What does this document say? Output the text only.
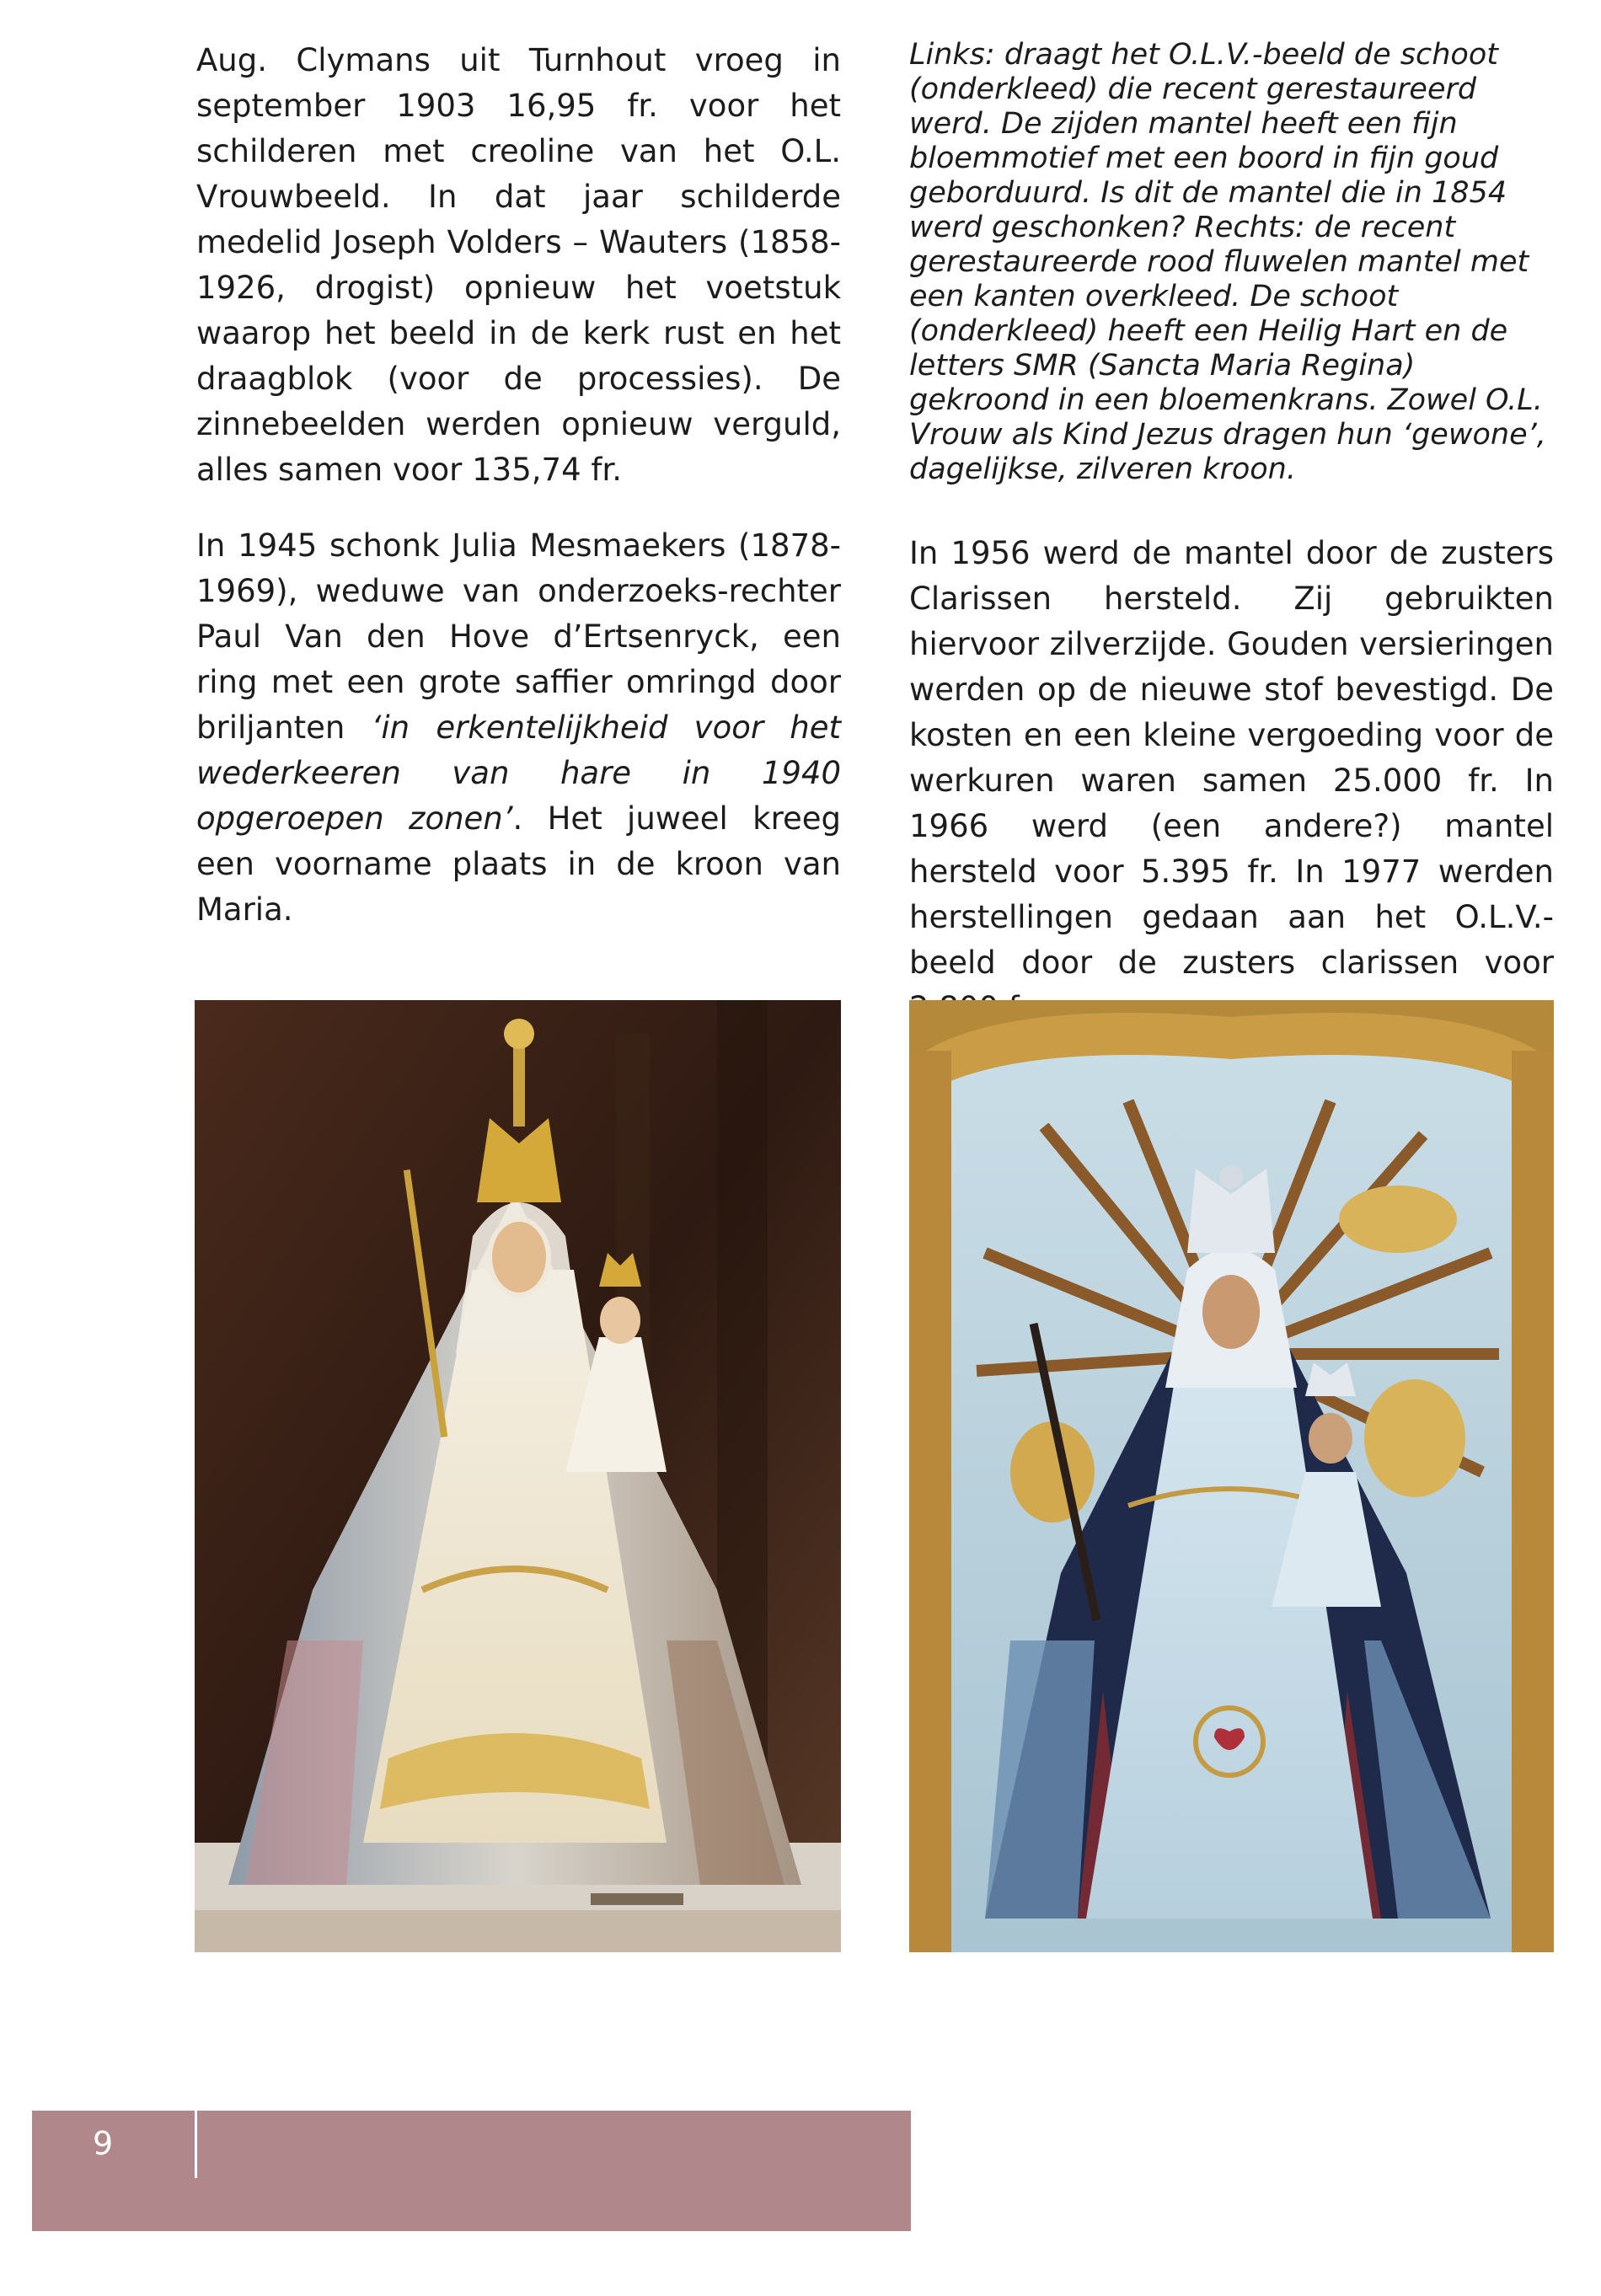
Aug. Clymans uit Turnhout vroeg in september 1903 16,95 fr. voor het schilderen met creoline van het O.L. Vrouwbeeld. In dat jaar schilderde medelid Joseph Volders – Wauters (1858-1926, drogist) opnieuw het voetstuk waarop het beeld in de kerk rust en het draagblok (voor de processies). De zinnebeelden werden opnieuw verguld, alles samen voor 135,74 fr.

In 1945 schonk Julia Mesmaekers (1878-1969), weduwe van onderzoeks-rechter Paul Van den Hove d’Ertsenryck, een ring met een grote saffier omringd door briljanten ‘in erkentelijkheid voor het wederkeeren van hare in 1940 opgeroepen zonen’. Het juweel kreeg een voorname plaats in de kroon van Maria.

Links: draagt het O.L.V.-beeld de schoot (onderkleed) die recent gerestaureerd werd. De zijden mantel heeft een fijn bloemmotief met een boord in fijn goud geborduurd. Is dit de mantel die in 1854 werd geschonken? Rechts: de recent gerestaureerde rood fluwelen mantel met een kanten overkleed. De schoot (onderkleed) heeft een Heilig Hart en de letters SMR (Sancta Maria Regina) gekroond in een bloemenkrans. Zowel O.L. Vrouw als Kind Jezus dragen hun ‘gewone’, dagelijkse, zilveren kroon.

In 1956 werd de mantel door de zusters Clarissen hersteld. Zij gebruikten hiervoor zilverzijde. Gouden versieringen werden op de nieuwe stof bevestigd. De kosten en een kleine vergoeding voor de werkuren waren samen 25.000 fr. In 1966 werd (een andere?) mantel hersteld voor 5.395 fr. In 1977 werden herstellingen gedaan aan het O.L.V.-beeld door de zusters clarissen voor

9
